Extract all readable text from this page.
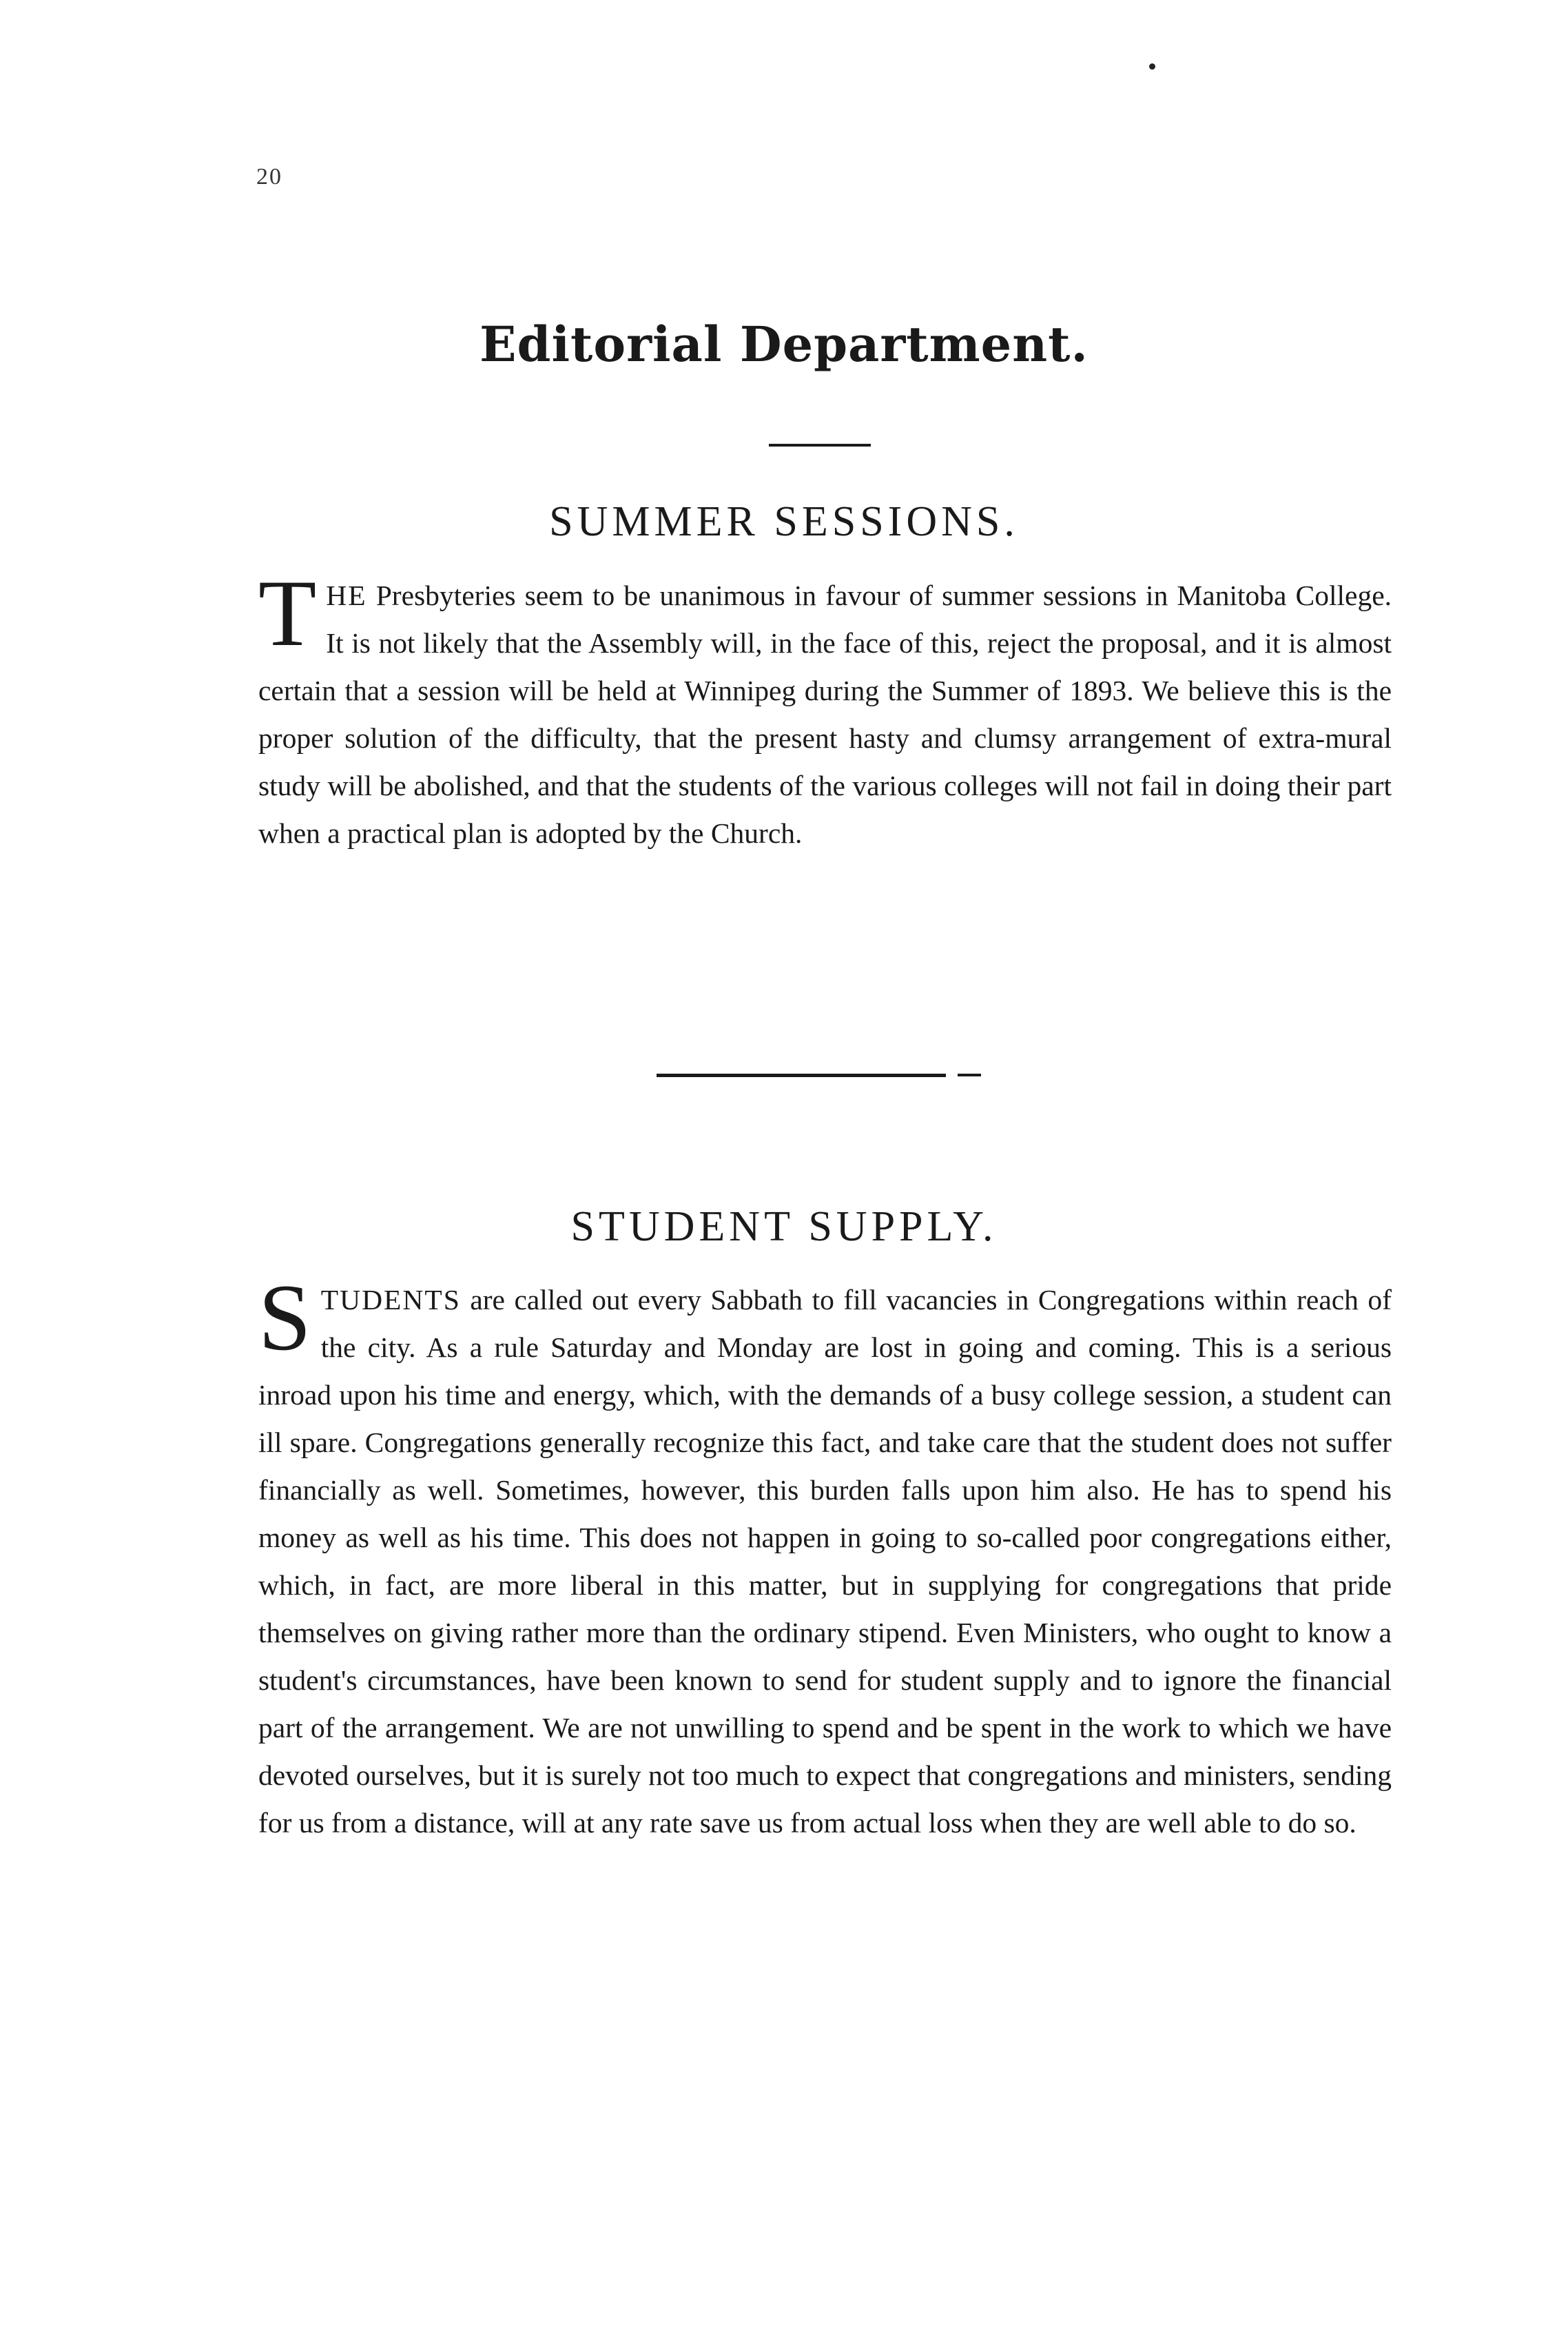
20
Editorial Department.
SUMMER SESSIONS.
THE Presbyteries seem to be unanimous in favour of summer sessions in Manitoba College. It is not likely that the Assembly will, in the face of this, reject the proposal, and it is almost certain that a session will be held at Winnipeg during the Summer of 1893. We believe this is the proper solution of the difficulty, that the present hasty and clumsy arrangement of extra-mural study will be abolished, and that the students of the various colleges will not fail in doing their part when a practical plan is adopted by the Church.
STUDENT SUPPLY.
STUDENTS are called out every Sabbath to fill vacancies in Congregations within reach of the city. As a rule Saturday and Monday are lost in going and coming. This is a serious inroad upon his time and energy, which, with the demands of a busy college session, a student can ill spare. Congregations generally recognize this fact, and take care that the student does not suffer financially as well. Sometimes, however, this burden falls upon him also. He has to spend his money as well as his time. This does not happen in going to so-called poor congregations either, which, in fact, are more liberal in this matter, but in supplying for congregations that pride themselves on giving rather more than the ordinary stipend. Even Ministers, who ought to know a student's circumstances, have been known to send for student supply and to ignore the financial part of the arrangement. We are not unwilling to spend and be spent in the work to which we have devoted ourselves, but it is surely not too much to expect that congregations and ministers, sending for us from a distance, will at any rate save us from actual loss when they are well able to do so.
